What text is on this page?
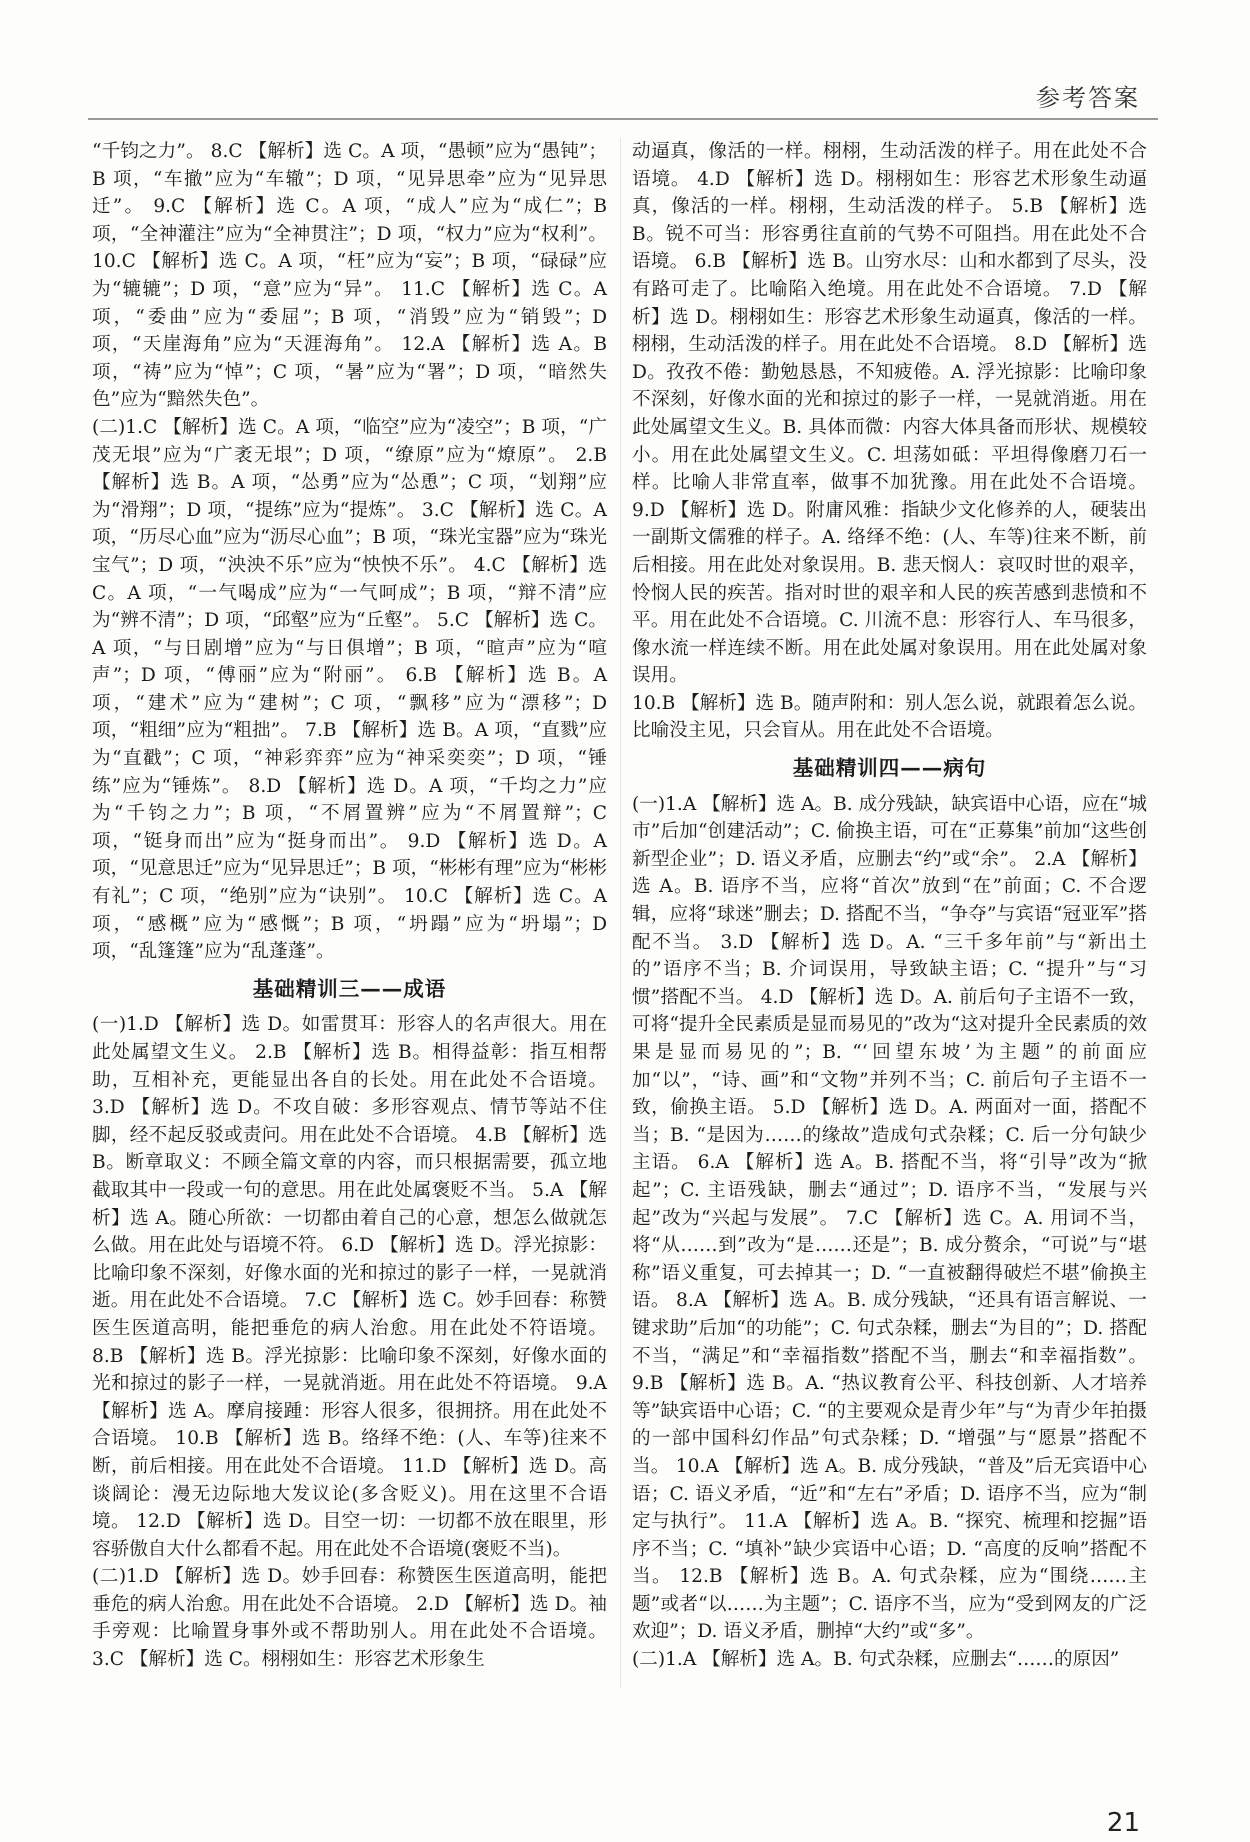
参考答案

“千钧之力”。 8.C 【解析】选 C。A 项，“愚顿”应为“愚钝”；B 项，“车撤”应为“车辙”；D 项，“见异思牵”应为“见异思迁”。 9.C 【解析】选 C。A 项，“成人”应为“成仁”；B 项，“全神灌注”应为“全神贯注”；D 项，“权力”应为“权利”。 10.C 【解析】选 C。A 项，“枉”应为“妄”；B 项，“碌碌”应为“辘辘”；D 项，“意”应为“异”。 11.C 【解析】选 C。A 项，“委曲”应为“委屈”；B 项，“消毁”应为“销毁”；D 项，“天崖海角”应为“天涯海角”。 12.A 【解析】选 A。B 项，“祷”应为“悼”；C 项，“暑”应为“署”；D 项，“暗然失色”应为“黯然失色”。

(二)1.C 【解析】选 C。A 项，“临空”应为“凌空”；B 项，“广茂无垠”应为“广袤无垠”；D 项，“缭原”应为“燎原”。 2.B 【解析】选 B。A 项，“怂勇”应为“怂恿”；C 项，“划翔”应为“滑翔”；D 项，“提练”应为“提炼”。 3.C 【解析】选 C。A 项，“历尽心血”应为“沥尽心血”；B 项，“珠光宝器”应为“珠光宝气”；D 项，“泱泱不乐”应为“怏怏不乐”。 4.C 【解析】选 C。A 项，“一气喝成”应为“一气呵成”；B 项，“辩不清”应为“辨不清”；D 项，“邱壑”应为“丘壑”。 5.C 【解析】选 C。A 项，“与日剧增”应为“与日俱增”；B 项，“暄声”应为“喧声”；D 项，“傅丽”应为“附丽”。 6.B 【解析】选 B。A 项，“建术”应为“建树”；C 项，“飘移”应为“漂移”；D 项，“粗细”应为“粗拙”。 7.B 【解析】选 B。A 项，“直戮”应为“直戳”；C 项，“神彩弈弈”应为“神采奕奕”；D 项，“锤练”应为“锤炼”。 8.D 【解析】选 D。A 项，“千均之力”应为“千钧之力”；B 项，“不屑置辨”应为“不屑置辩”；C 项，“铤身而出”应为“挺身而出”。 9.D 【解析】选 D。A 项，“见意思迁”应为“见异思迁”；B 项，“彬彬有理”应为“彬彬有礼”；C 项，“绝别”应为“诀别”。 10.C 【解析】选 C。A 项，“感概”应为“感慨”；B 项，“坍蹋”应为“坍塌”；D 项，“乱篷篷”应为“乱蓬蓬”。

基础精训三——成语

(一)1.D 【解析】选 D。如雷贯耳：形容人的名声很大。用在此处属望文生义。 2.B 【解析】选 B。相得益彰：指互相帮助，互相补充，更能显出各自的长处。用在此处不合语境。 3.D 【解析】选 D。不攻自破：多形容观点、情节等站不住脚，经不起反驳或责问。用在此处不合语境。 4.B 【解析】选 B。断章取义：不顾全篇文章的内容，而只根据需要，孤立地截取其中一段或一句的意思。用在此处属褒贬不当。 5.A 【解析】选 A。随心所欲：一切都由着自己的心意，想怎么做就怎么做。用在此处与语境不符。 6.D 【解析】选 D。浮光掠影：比喻印象不深刻，好像水面的光和掠过的影子一样，一晃就消逝。用在此处不合语境。 7.C 【解析】选 C。妙手回春：称赞医生医道高明，能把垂危的病人治愈。用在此处不符语境。 8.B 【解析】选 B。浮光掠影：比喻印象不深刻，好像水面的光和掠过的影子一样，一晃就消逝。用在此处不符语境。 9.A 【解析】选 A。摩肩接踵：形容人很多，很拥挤。用在此处不合语境。 10.B 【解析】选 B。络绎不绝：(人、车等)往来不断，前后相接。用在此处不合语境。 11.D 【解析】选 D。高谈阔论：漫无边际地大发议论(多含贬义)。用在这里不合语境。 12.D 【解析】选 D。目空一切：一切都不放在眼里，形容骄傲自大什么都看不起。用在此处不合语境(褒贬不当)。

(二)1.D 【解析】选 D。妙手回春：称赞医生医道高明，能把垂危的病人治愈。用在此处不合语境。 2.D 【解析】选 D。袖手旁观：比喻置身事外或不帮助别人。用在此处不合语境。 3.C 【解析】选 C。栩栩如生：形容艺术形象生

动逼真，像活的一样。栩栩，生动活泼的样子。用在此处不合语境。 4.D 【解析】选 D。栩栩如生：形容艺术形象生动逼真，像活的一样。栩栩，生动活泼的样子。 5.B 【解析】选 B。锐不可当：形容勇往直前的气势不可阻挡。用在此处不合语境。 6.B 【解析】选 B。山穷水尽：山和水都到了尽头，没有路可走了。比喻陷入绝境。用在此处不合语境。 7.D 【解析】选 D。栩栩如生：形容艺术形象生动逼真，像活的一样。栩栩，生动活泼的样子。用在此处不合语境。 8.D 【解析】选 D。孜孜不倦：勤勉恳恳，不知疲倦。A. 浮光掠影：比喻印象不深刻，好像水面的光和掠过的影子一样，一晃就消逝。用在此处属望文生义。B. 具体而微：内容大体具备而形状、规模较小。用在此处属望文生义。C. 坦荡如砥：平坦得像磨刀石一样。比喻人非常直率，做事不加犹豫。用在此处不合语境。 9.D 【解析】选 D。附庸风雅：指缺少文化修养的人，硬装出一副斯文儒雅的样子。A. 络绎不绝：(人、车等)往来不断，前后相接。用在此处对象误用。B. 悲天悯人：哀叹时世的艰辛，怜悯人民的疾苦。指对时世的艰辛和人民的疾苦感到悲愤和不平。用在此处不合语境。C. 川流不息：形容行人、车马很多，像水流一样连续不断。用在此处属对象误用。用在此处属对象误用。

10.B 【解析】选 B。随声附和：别人怎么说，就跟着怎么说。比喻没主见，只会盲从。用在此处不合语境。

基础精训四——病句

(一)1.A 【解析】选 A。B. 成分残缺，缺宾语中心语，应在“城市”后加“创建活动”；C. 偷换主语，可在“正募集”前加“这些创新型企业”；D. 语义矛盾，应删去“约”或“余”。 2.A 【解析】选 A。B. 语序不当，应将“首次”放到“在”前面；C. 不合逻辑，应将“球迷”删去；D. 搭配不当，“争夺”与宾语“冠亚军”搭配不当。 3.D 【解析】选 D。A. “三千多年前”与“新出土的”语序不当；B. 介词误用，导致缺主语；C. “提升”与“习惯”搭配不当。 4.D 【解析】选 D。A. 前后句子主语不一致，可将“提升全民素质是显而易见的”改为“这对提升全民素质的效果是显而易见的”；B. “‘回望东坡’为主题”的前面应加“以”，“诗、画”和“文物”并列不当；C. 前后句子主语不一致，偷换主语。 5.D 【解析】选 D。A. 两面对一面，搭配不当；B. “是因为……的缘故”造成句式杂糅；C. 后一分句缺少主语。 6.A 【解析】选 A。B. 搭配不当，将“引导”改为“掀起”；C. 主语残缺，删去“通过”；D. 语序不当，“发展与兴起”改为“兴起与发展”。 7.C 【解析】选 C。A. 用词不当，将“从……到”改为“是……还是”；B. 成分赘余，“可说”与“堪称”语义重复，可去掉其一；D. “一直被翻得破烂不堪”偷换主语。 8.A 【解析】选 A。B. 成分残缺，“还具有语言解说、一键求助”后加“的功能”；C. 句式杂糅，删去“为目的”；D. 搭配不当，“满足”和“幸福指数”搭配不当，删去“和幸福指数”。 9.B 【解析】选 B。A. “热议教育公平、科技创新、人才培养等”缺宾语中心语；C. “的主要观众是青少年”与“为青少年拍摄的一部中国科幻作品”句式杂糅；D. “增强”与“愿景”搭配不当。 10.A 【解析】选 A。B. 成分残缺，“普及”后无宾语中心语；C. 语义矛盾，“近”和“左右”矛盾；D. 语序不当，应为“制定与执行”。 11.A 【解析】选 A。B. “探究、梳理和挖掘”语序不当；C. “填补”缺少宾语中心语；D. “高度的反响”搭配不当。 12.B 【解析】选 B。A. 句式杂糅，应为“围绕……主题”或者“以……为主题”；C. 语序不当，应为“受到网友的广泛欢迎”；D. 语义矛盾，删掉“大约”或“多”。

(二)1.A 【解析】选 A。B. 句式杂糅，应删去“……的原因”

21
